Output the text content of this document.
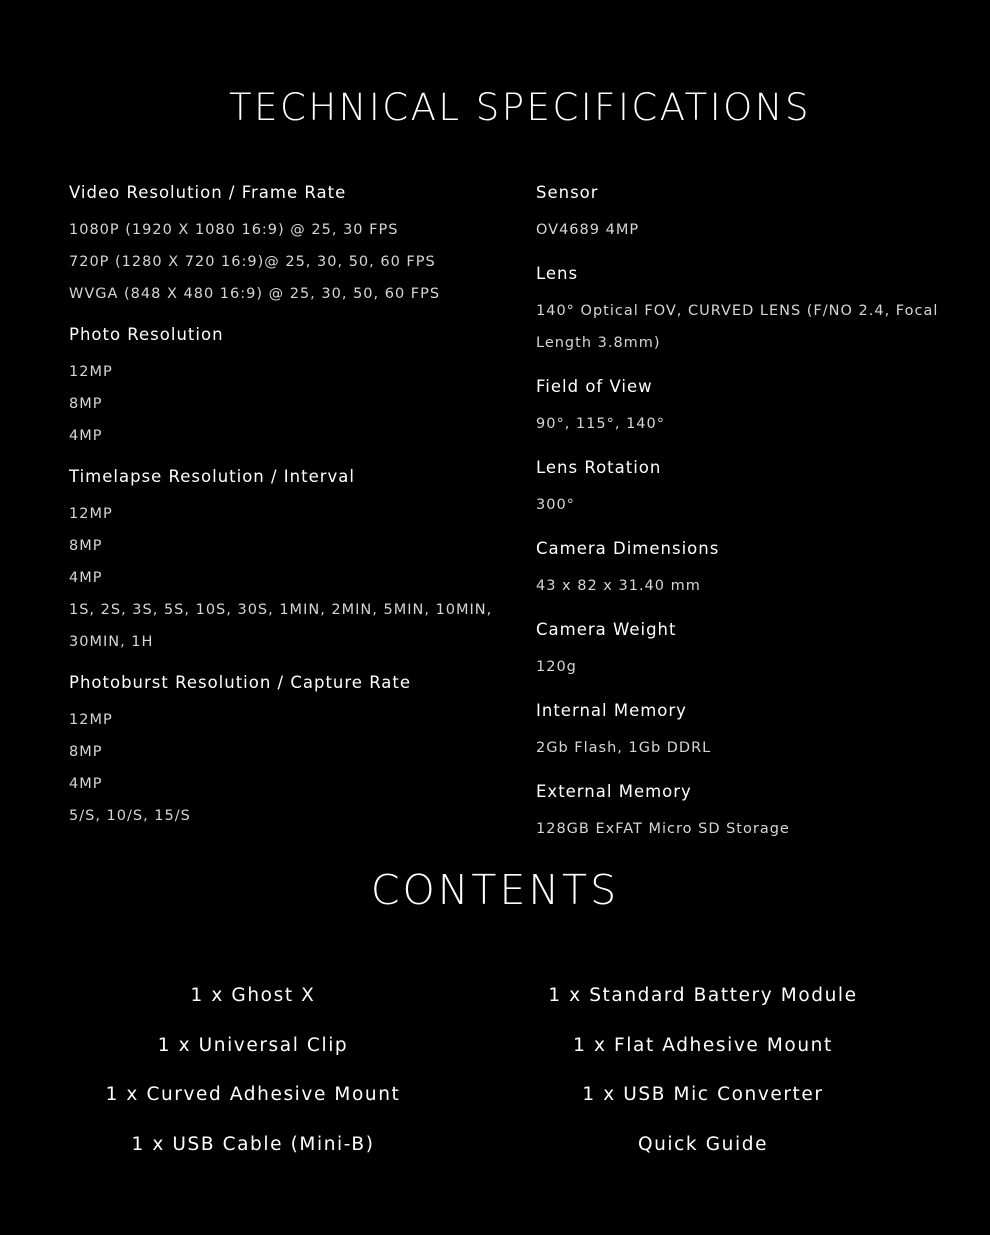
TECHNICAL SPECIFICATIONS
Video Resolution / Frame Rate
1080P (1920 X 1080 16:9) @ 25, 30 FPS
720P (1280 X 720 16:9)@ 25, 30, 50, 60 FPS
WVGA (848 X 480 16:9) @ 25, 30, 50, 60 FPS
Photo Resolution
12MP
8MP
4MP
Timelapse Resolution / Interval
12MP
8MP
4MP
1S, 2S, 3S, 5S, 10S, 30S, 1MIN, 2MIN, 5MIN, 10MIN,
30MIN, 1H
Photoburst Resolution / Capture Rate
12MP
8MP
4MP
5/S, 10/S, 15/S
Sensor
OV4689 4MP
Lens
140° Optical FOV, CURVED LENS (F/NO 2.4, Focal
Length 3.8mm)
Field of View
90°, 115°, 140°
Lens Rotation
300°
Camera Dimensions
43 x 82 x 31.40 mm
Camera Weight
120g
Internal Memory
2Gb Flash, 1Gb DDRL
External Memory
128GB ExFAT Micro SD Storage
CONTENTS
1 x Ghost X
1 x Universal Clip
1 x Curved Adhesive Mount
1 x USB Cable (Mini-B)
1 x Standard Battery Module
1 x Flat Adhesive Mount
1 x USB Mic Converter
Quick Guide
